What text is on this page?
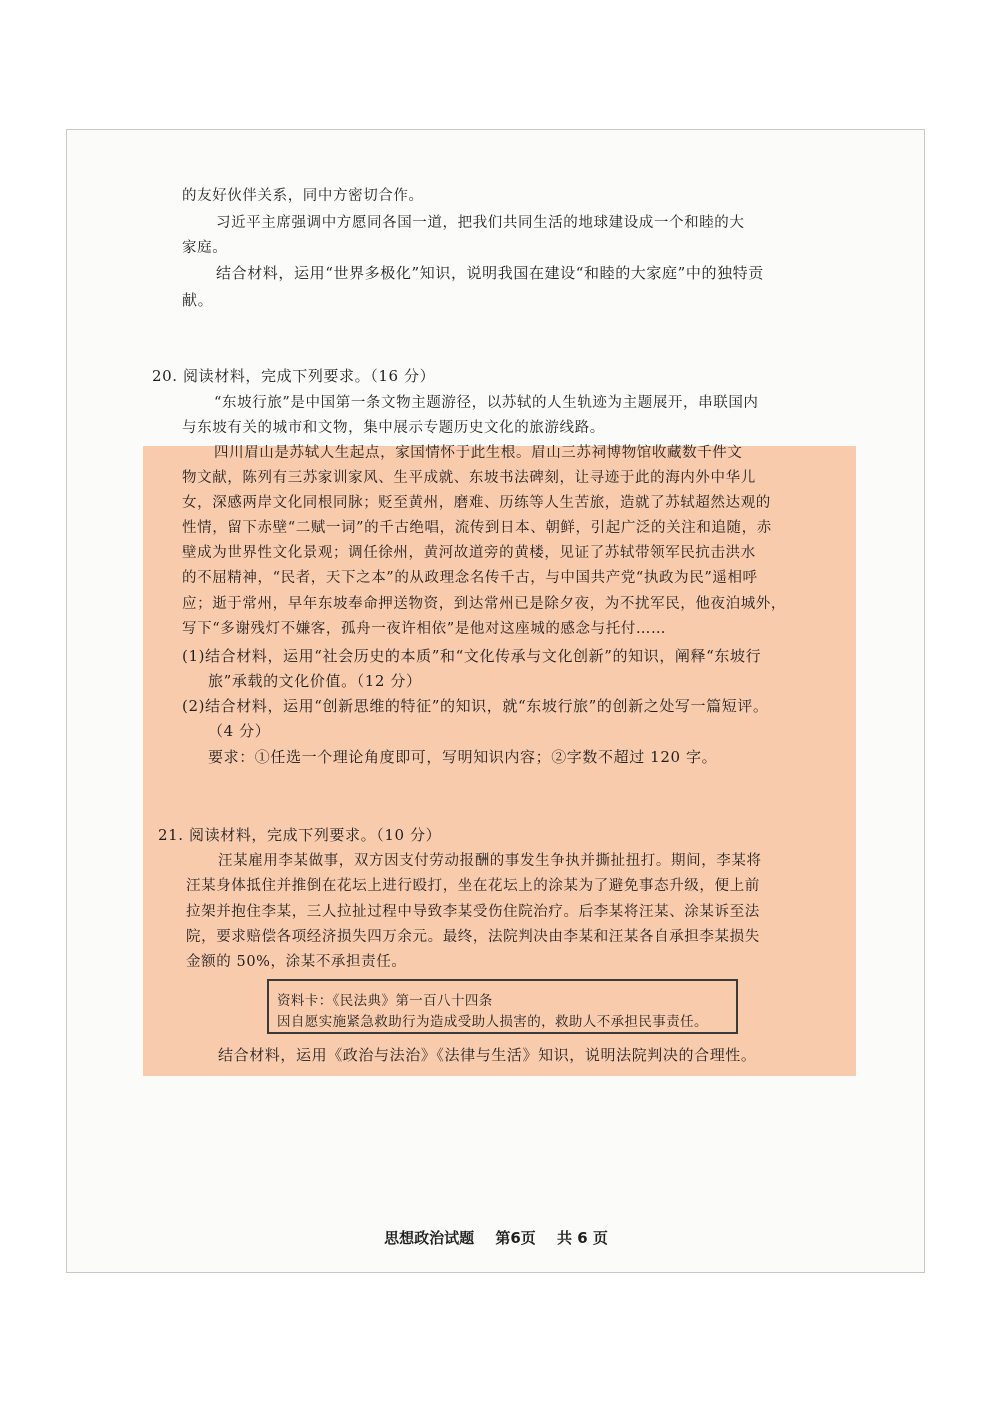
的友好伙伴关系，同中方密切合作。
习近平主席强调中方愿同各国一道，把我们共同生活的地球建设成一个和睦的大
家庭。
结合材料，运用“世界多极化”知识，说明我国在建设“和睦的大家庭”中的独特贡
献。
20. 阅读材料，完成下列要求。（16 分）
“东坡行旅”是中国第一条文物主题游径，以苏轼的人生轨迹为主题展开，串联国内
与东坡有关的城市和文物，集中展示专题历史文化的旅游线路。
四川眉山是苏轼人生起点，家国情怀于此生根。眉山三苏祠博物馆收藏数千件文
物文献，陈列有三苏家训家风、生平成就、东坡书法碑刻，让寻迹于此的海内外中华儿
女，深感两岸文化同根同脉；贬至黄州，磨难、历练等人生苦旅，造就了苏轼超然达观的
性情，留下赤壁“二赋一词”的千古绝唱，流传到日本、朝鲜，引起广泛的关注和追随，赤
壁成为世界性文化景观；调任徐州，黄河故道旁的黄楼，见证了苏轼带领军民抗击洪水
的不屈精神，“民者，天下之本”的从政理念名传千古，与中国共产党“执政为民”遥相呼
应；逝于常州，早年东坡奉命押送物资，到达常州已是除夕夜，为不扰军民，他夜泊城外，
写下“多谢残灯不嫌客，孤舟一夜许相依”是他对这座城的感念与托付……
(1)结合材料，运用“社会历史的本质”和“文化传承与文化创新”的知识，阐释“东坡行
旅”承载的文化价值。（12 分）
(2)结合材料，运用“创新思维的特征”的知识，就“东坡行旅”的创新之处写一篇短评。
（4 分）
要求：①任选一个理论角度即可，写明知识内容；②字数不超过 120 字。
21. 阅读材料，完成下列要求。（10 分）
汪某雇用李某做事，双方因支付劳动报酬的事发生争执并撕扯扭打。期间，李某将
汪某身体抵住并推倒在花坛上进行殴打，坐在花坛上的涂某为了避免事态升级，便上前
拉架并抱住李某，三人拉扯过程中导致李某受伤住院治疗。后李某将汪某、涂某诉至法
院，要求赔偿各项经济损失四万余元。最终，法院判决由李某和汪某各自承担李某损失
金额的 50%，涂某不承担责任。
资料卡：《民法典》第一百八十四条
因自愿实施紧急救助行为造成受助人损害的，救助人不承担民事责任。
结合材料，运用《政治与法治》《法律与生活》知识，说明法院判决的合理性。
思想政治试题 第6页 共 6 页
